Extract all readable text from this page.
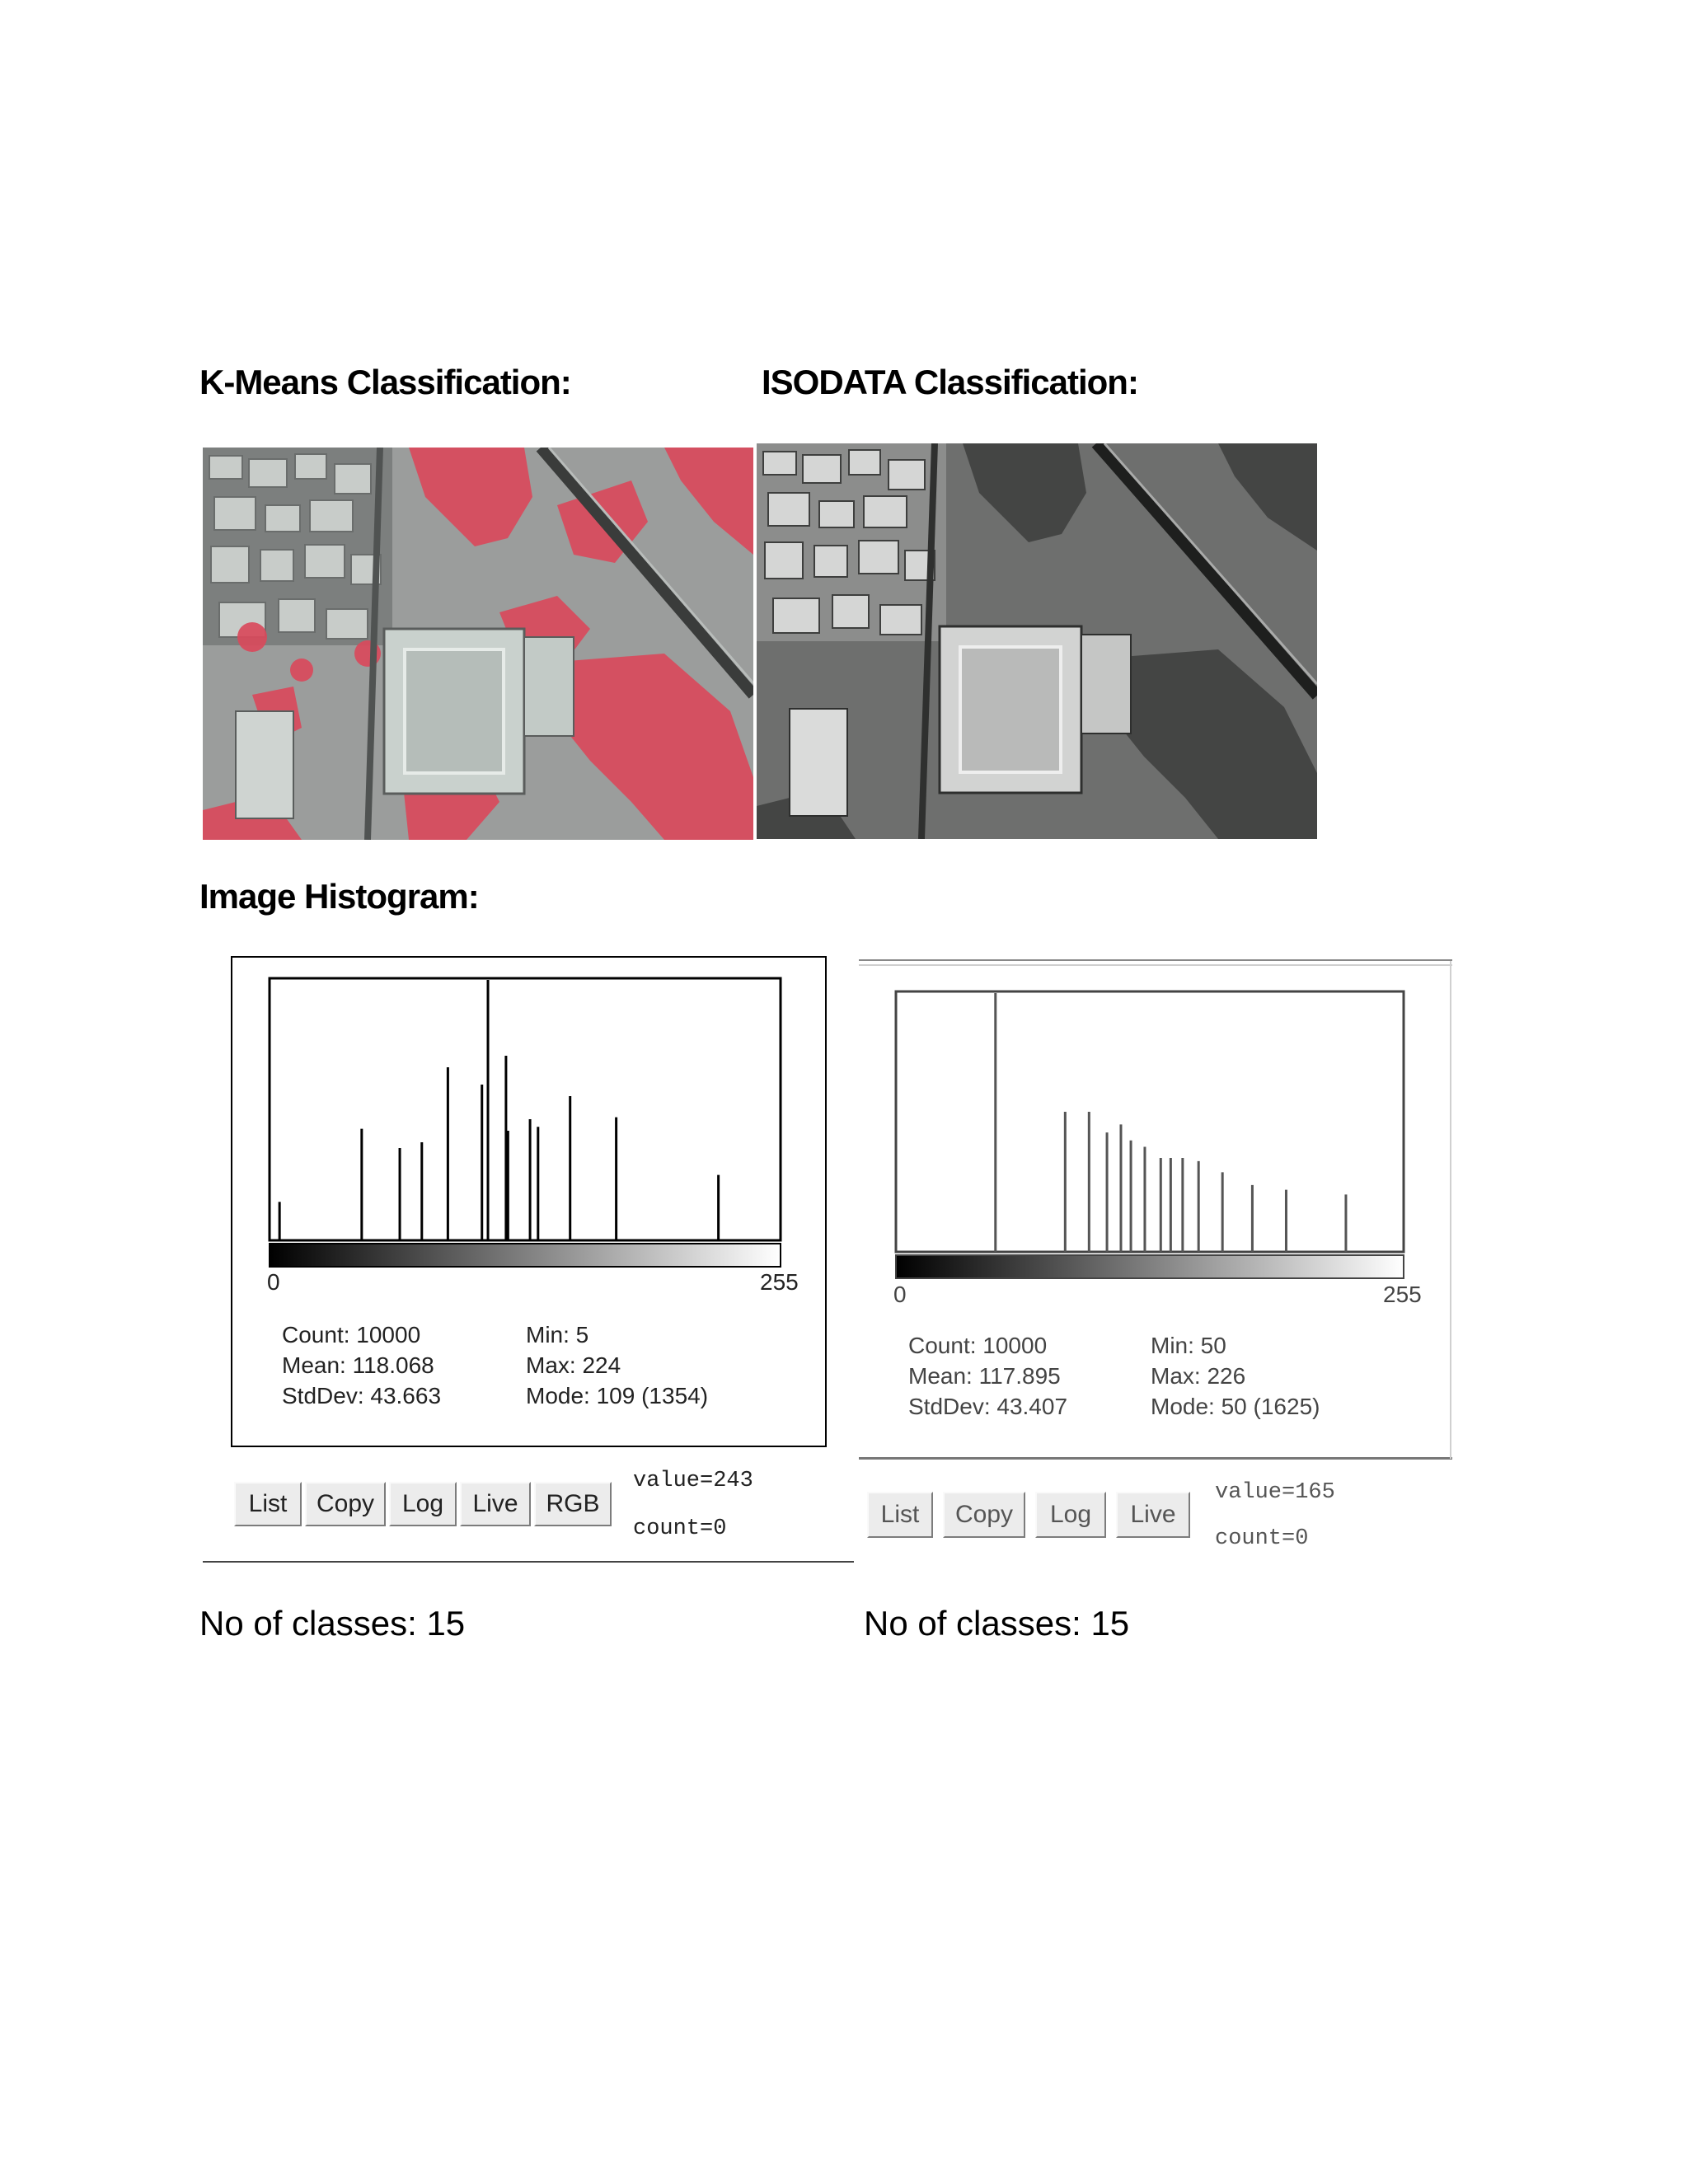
K-Means Classification:	ISODATA Classification:
Image Histogram:
0	255
Count: 10000
Mean: 118.068
StdDev: 43.663
Min: 5
Max: 224
Mode: 109 (1354)
List	Copy	Log	Live	RGB
value=243
count=0
0	255
Count: 10000
Mean: 117.895
StdDev: 43.407
Min: 50
Max: 226
Mode: 50 (1625)
List	Copy	Log	Live
value=165
count=0
No of classes: 15	No of classes: 15
